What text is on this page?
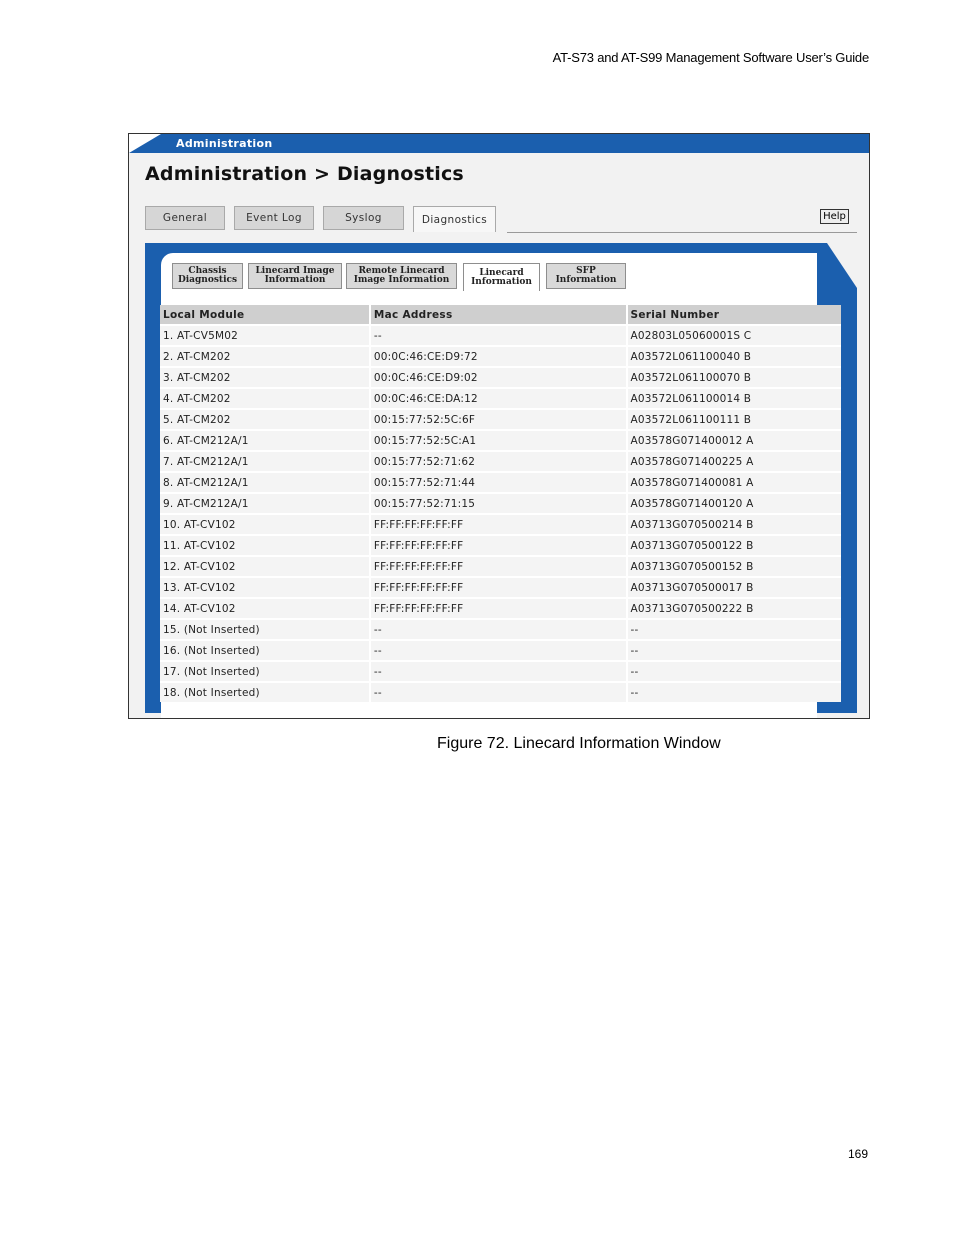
AT-S73 and AT-S99 Management Software User’s Guide
Administration
Administration > Diagnostics
General	Event Log	Syslog	Diagnostics	Help
Chassis
Diagnostics
Linecard Image
Information
Remote Linecard
Image Information
Linecard
Information
SFP
Information
Local Module	Mac Address	Serial Number
1. AT-CV5M02	--	A02803L05060001S C
2. AT-CM202	00:0C:46:CE:D9:72	A03572L061100040 B
3. AT-CM202	00:0C:46:CE:D9:02	A03572L061100070 B
4. AT-CM202	00:0C:46:CE:DA:12	A03572L061100014 B
5. AT-CM202	00:15:77:52:5C:6F	A03572L061100111 B
6. AT-CM212A/1	00:15:77:52:5C:A1	A03578G071400012 A
7. AT-CM212A/1	00:15:77:52:71:62	A03578G071400225 A
8. AT-CM212A/1	00:15:77:52:71:44	A03578G071400081 A
9. AT-CM212A/1	00:15:77:52:71:15	A03578G071400120 A
10. AT-CV102	FF:FF:FF:FF:FF:FF	A03713G070500214 B
11. AT-CV102	FF:FF:FF:FF:FF:FF	A03713G070500122 B
12. AT-CV102	FF:FF:FF:FF:FF:FF	A03713G070500152 B
13. AT-CV102	FF:FF:FF:FF:FF:FF	A03713G070500017 B
14. AT-CV102	FF:FF:FF:FF:FF:FF	A03713G070500222 B
15. (Not Inserted)	--	--
16. (Not Inserted)	--	--
17. (Not Inserted)	--	--
18. (Not Inserted)	--	--
Figure 72. Linecard Information Window
169
